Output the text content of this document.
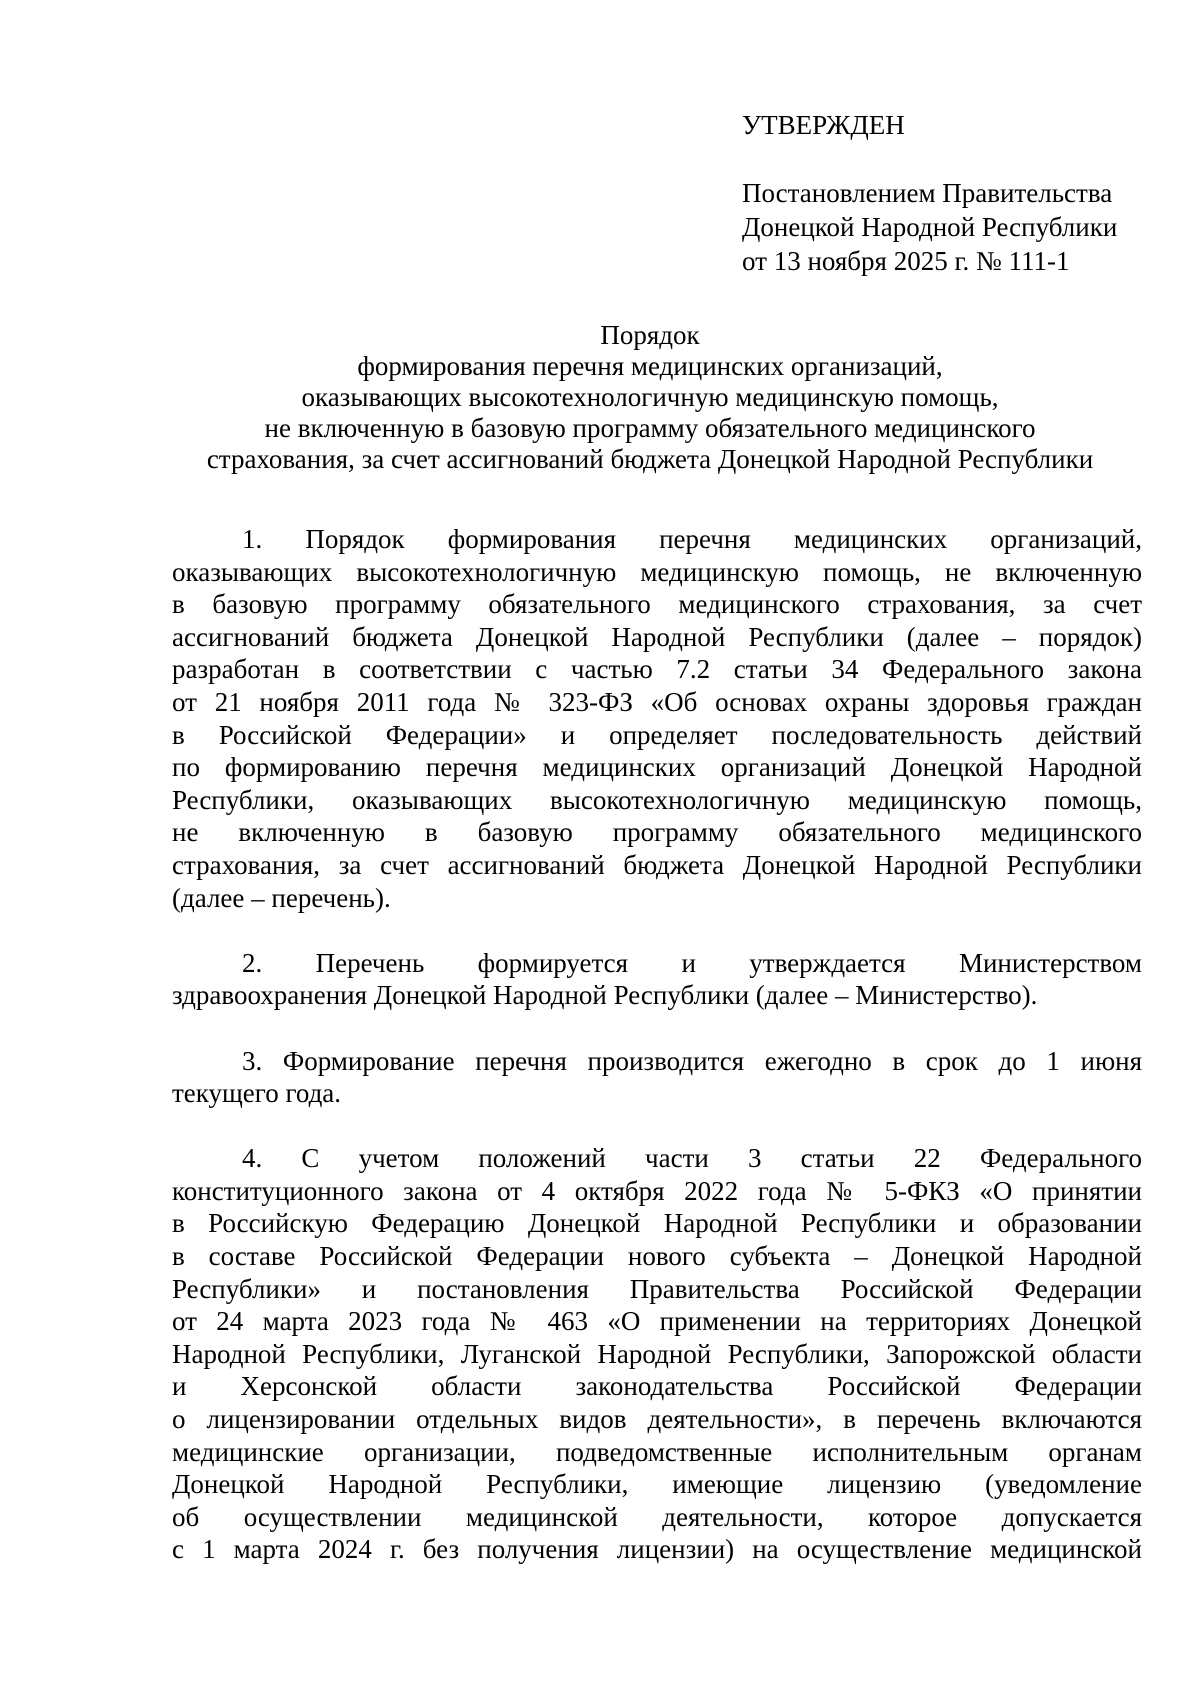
УТВЕРЖДЕН
Постановлением Правительства
Донецкой Народной Республики
от 13 ноября 2025 г. № 111-1
Порядок
формирования перечня медицинских организаций,
оказывающих высокотехнологичную медицинскую помощь,
не включенную в базовую программу обязательного медицинского
страхования, за счет ассигнований бюджета Донецкой Народной Республики
1. Порядок формирования перечня медицинских организаций,
оказывающих высокотехнологичную медицинскую помощь, не включенную
в базовую программу обязательного медицинского страхования, за счет
ассигнований бюджета Донецкой Народной Республики (далее – порядок)
разработан в соответствии с частью 7.2 статьи 34 Федерального закона
от 21 ноября 2011 года № 323-ФЗ «Об основах охраны здоровья граждан
в Российской Федерации» и определяет последовательность действий
по формированию перечня медицинских организаций Донецкой Народной
Республики, оказывающих высокотехнологичную медицинскую помощь,
не включенную в базовую программу обязательного медицинского
страхования, за счет ассигнований бюджета Донецкой Народной Республики
(далее – перечень).
2. Перечень формируется и утверждается Министерством
здравоохранения Донецкой Народной Республики (далее – Министерство).
3. Формирование перечня производится ежегодно в срок до 1 июня
текущего года.
4. С учетом положений части 3 статьи 22 Федерального
конституционного закона от 4 октября 2022 года № 5-ФКЗ «О принятии
в Российскую Федерацию Донецкой Народной Республики и образовании
в составе Российской Федерации нового субъекта – Донецкой Народной
Республики» и постановления Правительства Российской Федерации
от 24 марта 2023 года № 463 «О применении на территориях Донецкой
Народной Республики, Луганской Народной Республики, Запорожской области
и Херсонской области законодательства Российской Федерации
о лицензировании отдельных видов деятельности», в перечень включаются
медицинские организации, подведомственные исполнительным органам
Донецкой Народной Республики, имеющие лицензию (уведомление
об осуществлении медицинской деятельности, которое допускается
с 1 марта 2024 г. без получения лицензии) на осуществление медицинской
